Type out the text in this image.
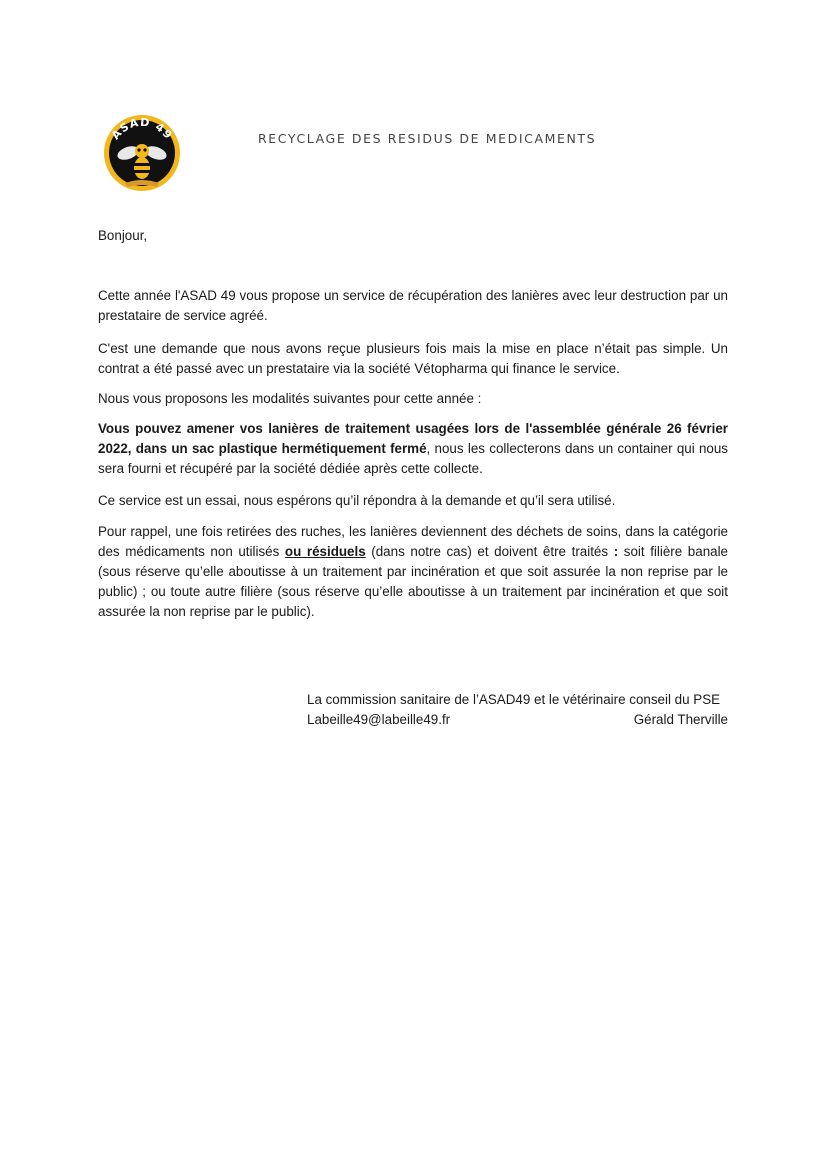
ASAD 49	RECYCLAGE DES RESIDUS DE MEDICAMENTS
Bonjour,

Cette année l'ASAD 49 vous propose un service de récupération des lanières avec leur destruction par un prestataire de service agréé.

C'est une demande que nous avons reçue plusieurs fois mais la mise en place n’était pas simple. Un contrat a été passé avec un prestataire via la société Vétopharma qui finance le service.

Nous vous proposons les modalités suivantes pour cette année :

Vous pouvez amener vos lanières de traitement usagées lors de l'assemblée générale 26 février 2022, dans un sac plastique hermétiquement fermé, nous les collecterons dans un container qui nous sera fourni et récupéré par la société dédiée après cette collecte.

Ce service est un essai, nous espérons qu’il répondra à la demande et qu’il sera utilisé.

Pour rappel, une fois retirées des ruches, les lanières deviennent des déchets de soins, dans la catégorie des médicaments non utilisés ou résiduels (dans notre cas) et doivent être traités : soit filière banale (sous réserve qu’elle aboutisse à un traitement par incinération et que soit assurée la non reprise par le public) ; ou toute autre filière (sous réserve qu’elle aboutisse à un traitement par incinération et que soit assurée la non reprise par le public).

La commission sanitaire de l’ASAD49 et le vétérinaire conseil du PSE
Labeille49@labeille49.fr	Gérald Therville
